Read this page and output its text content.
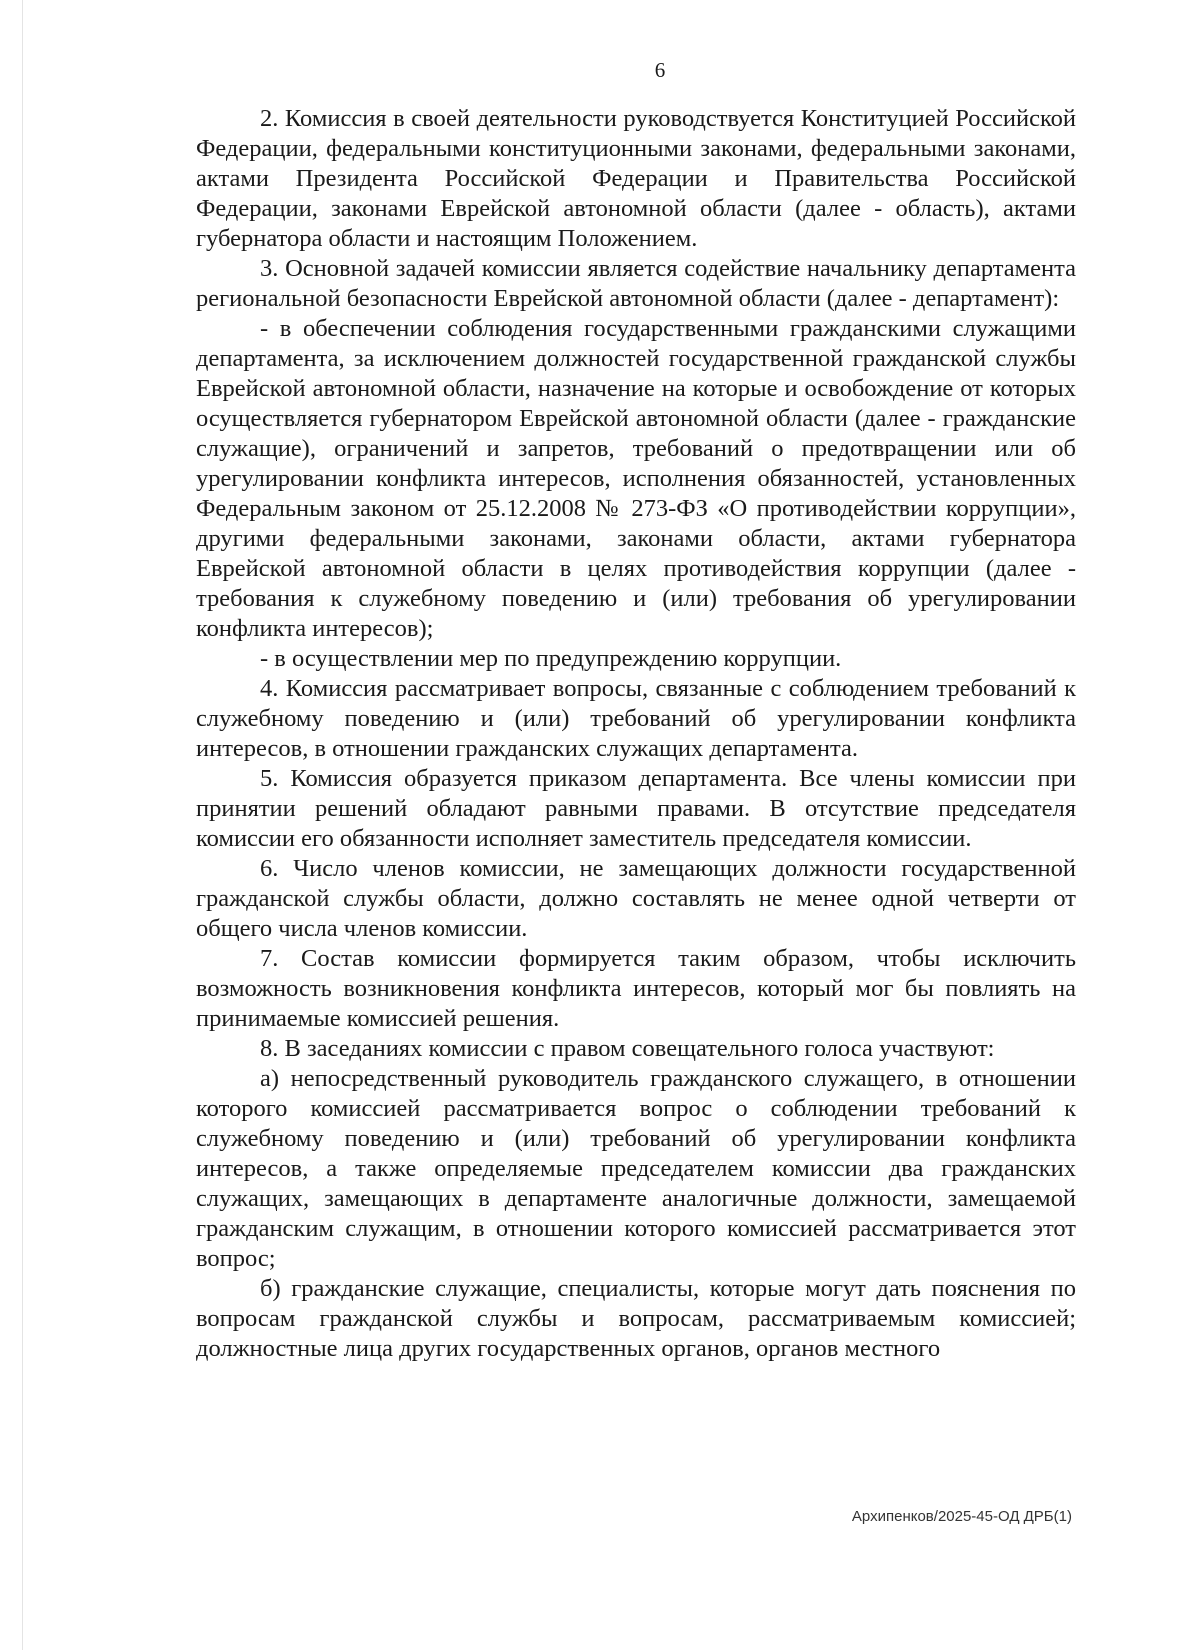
6

2. Комиссия в своей деятельности руководствуется Конституцией Российской Федерации, федеральными конституционными законами, федеральными законами, актами Президента Российской Федерации и Правительства Российской Федерации, законами Еврейской автономной области (далее - область), актами губернатора области и настоящим Положением.

3. Основной задачей комиссии является содействие начальнику департамента региональной безопасности Еврейской автономной области (далее - департамент):

- в обеспечении соблюдения государственными гражданскими служащими департамента, за исключением должностей государственной гражданской службы Еврейской автономной области, назначение на которые и освобождение от которых осуществляется губернатором Еврейской автономной области (далее - гражданские служащие), ограничений и запретов, требований о предотвращении или об урегулировании конфликта интересов, исполнения обязанностей, установленных Федеральным законом от 25.12.2008 № 273-ФЗ «О противодействии коррупции», другими федеральными законами, законами области, актами губернатора Еврейской автономной области в целях противодействия коррупции (далее - требования к служебному поведению и (или) требования об урегулировании конфликта интересов);

- в осуществлении мер по предупреждению коррупции.

4. Комиссия рассматривает вопросы, связанные с соблюдением требований к служебному поведению и (или) требований об урегулировании конфликта интересов, в отношении гражданских служащих департамента.

5. Комиссия образуется приказом департамента. Все члены комиссии при принятии решений обладают равными правами. В отсутствие председателя комиссии его обязанности исполняет заместитель председателя комиссии.

6. Число членов комиссии, не замещающих должности государственной гражданской службы области, должно составлять не менее одной четверти от общего числа членов комиссии.

7. Состав комиссии формируется таким образом, чтобы исключить возможность возникновения конфликта интересов, который мог бы повлиять на принимаемые комиссией решения.

8. В заседаниях комиссии с правом совещательного голоса участвуют:

а) непосредственный руководитель гражданского служащего, в отношении которого комиссией рассматривается вопрос о соблюдении требований к служебному поведению и (или) требований об урегулировании конфликта интересов, а также определяемые председателем комиссии два гражданских служащих, замещающих в департаменте аналогичные должности, замещаемой гражданским служащим, в отношении которого комиссией рассматривается этот вопрос;

б) гражданские служащие, специалисты, которые могут дать пояснения по вопросам гражданской службы и вопросам, рассматриваемым комиссией; должностные лица других государственных органов, органов местного

Архипенков/2025-45-ОД ДРБ(1)
